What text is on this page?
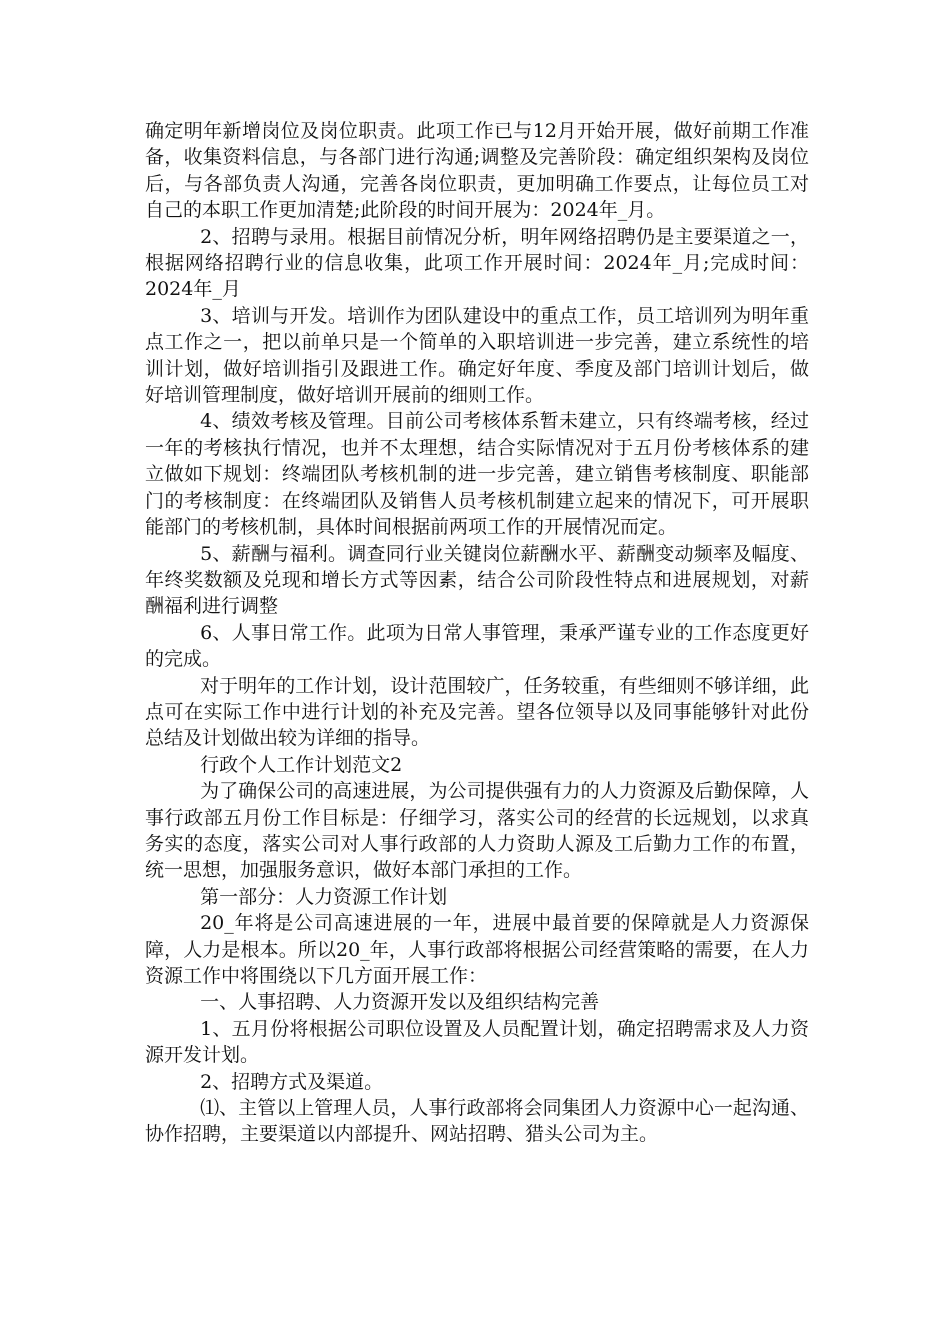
确定明年新增岗位及岗位职责。此项工作已与12月开始开展，做好前期工作准备，收集资料信息，与各部门进行沟通;调整及完善阶段：确定组织架构及岗位后，与各部负责人沟通，完善各岗位职责，更加明确工作要点，让每位员工对自己的本职工作更加清楚;此阶段的时间开展为：2024年_月。

2、招聘与录用。根据目前情况分析，明年网络招聘仍是主要渠道之一，根据网络招聘行业的信息收集，此项工作开展时间：2024年_月;完成时间：2024年_月

3、培训与开发。培训作为团队建设中的重点工作，员工培训列为明年重点工作之一，把以前单只是一个简单的入职培训进一步完善，建立系统性的培训计划，做好培训指引及跟进工作。确定好年度、季度及部门培训计划后，做好培训管理制度，做好培训开展前的细则工作。

4、绩效考核及管理。目前公司考核体系暂未建立，只有终端考核，经过一年的考核执行情况，也并不太理想，结合实际情况对于五月份考核体系的建立做如下规划：终端团队考核机制的进一步完善，建立销售考核制度、职能部门的考核制度：在终端团队及销售人员考核机制建立起来的情况下，可开展职能部门的考核机制，具体时间根据前两项工作的开展情况而定。

5、薪酬与福利。调查同行业关键岗位薪酬水平、薪酬变动频率及幅度、年终奖数额及兑现和增长方式等因素，结合公司阶段性特点和进展规划，对薪酬福利进行调整

6、人事日常工作。此项为日常人事管理，秉承严谨专业的工作态度更好的完成。

对于明年的工作计划，设计范围较广，任务较重，有些细则不够详细，此点可在实际工作中进行计划的补充及完善。望各位领导以及同事能够针对此份总结及计划做出较为详细的指导。

行政个人工作计划范文2

为了确保公司的高速进展，为公司提供强有力的人力资源及后勤保障，人事行政部五月份工作目标是：仔细学习，落实公司的经营的长远规划，以求真务实的态度，落实公司对人事行政部的人力资助人源及工后勤力工作的布置，统一思想，加强服务意识，做好本部门承担的工作。

第一部分：人力资源工作计划

20_年将是公司高速进展的一年，进展中最首要的保障就是人力资源保障，人力是根本。所以20_年，人事行政部将根据公司经营策略的需要，在人力资源工作中将围绕以下几方面开展工作：

一、人事招聘、人力资源开发以及组织结构完善

1、五月份将根据公司职位设置及人员配置计划，确定招聘需求及人力资源开发计划。

2、招聘方式及渠道。

⑴、主管以上管理人员，人事行政部将会同集团人力资源中心一起沟通、协作招聘，主要渠道以内部提升、网站招聘、猎头公司为主。
